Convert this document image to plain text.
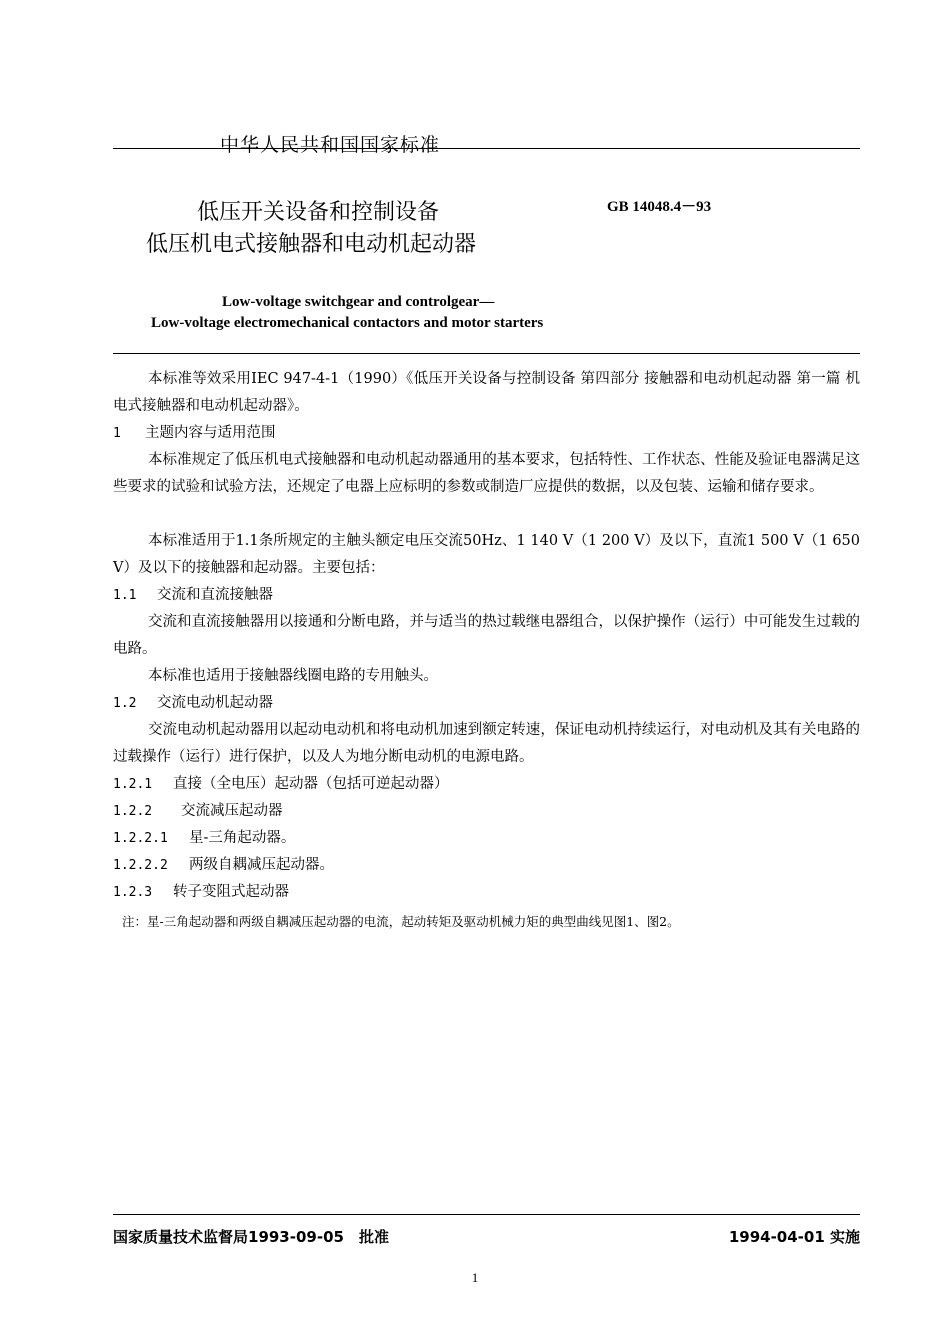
中华人民共和国国家标准
低压开关设备和控制设备
低压机电式接触器和电动机起动器
GB 14048.4－93
Low-voltage switchgear and controlgear—
Low-voltage electromechanical contactors and motor starters
本标准等效采用IEC 947-4-1（1990）《低压开关设备与控制设备 第四部分 接触器和电动机起动器 第一篇 机电式接触器和电动机起动器》。
1 主题内容与适用范围
本标准规定了低压机电式接触器和电动机起动器通用的基本要求，包括特性、工作状态、性能及验证电器满足这些要求的试验和试验方法，还规定了电器上应标明的参数或制造厂应提供的数据，以及包装、运输和储存要求。
本标准适用于1.1条所规定的主触头额定电压交流50Hz、1 140 V（1 200 V）及以下，直流1 500 V（1 650 V）及以下的接触器和起动器。主要包括：
1.1 交流和直流接触器
交流和直流接触器用以接通和分断电路，并与适当的热过载继电器组合，以保护操作（运行）中可能发生过载的电路。
本标准也适用于接触器线圈电路的专用触头。
1.2 交流电动机起动器
交流电动机起动器用以起动电动机和将电动机加速到额定转速，保证电动机持续运行，对电动机及其有关电路的过载操作（运行）进行保护，以及人为地分断电动机的电源电路。
1.2.1 直接（全电压）起动器（包括可逆起动器）
1.2.2 交流减压起动器
1.2.2.1 星-三角起动器。
1.2.2.2 两级自耦减压起动器。
1.2.3 转子变阻式起动器
注：星-三角起动器和两级自耦减压起动器的电流，起动转矩及驱动机械力矩的典型曲线见图1、图2。
国家质量技术监督局1993-09-05　批准	1994-04-01 实施
1
